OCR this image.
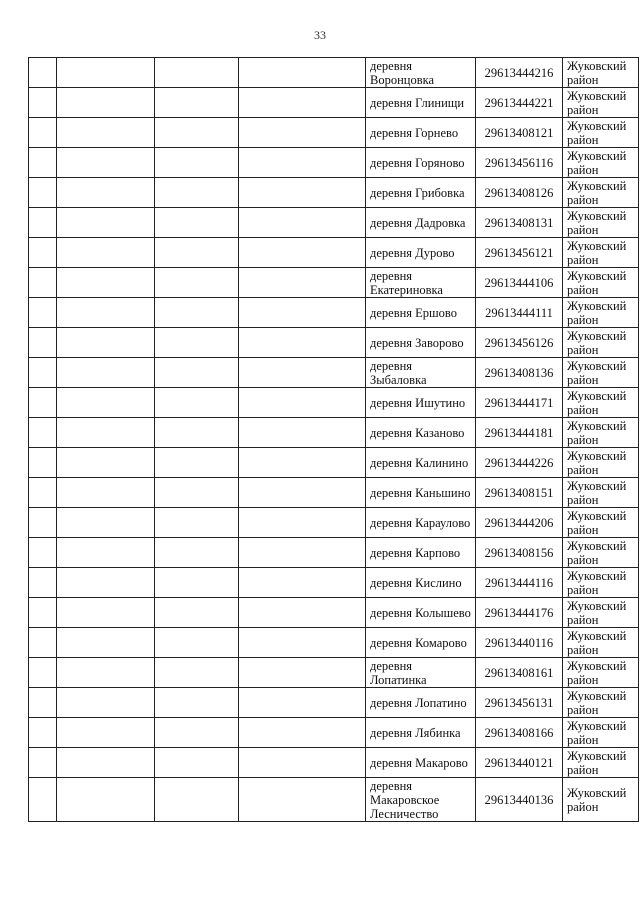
33
				деревня Воронцовка	29613444216	Жуковский район
				деревня Глинищи	29613444221	Жуковский район
				деревня Горнево	29613408121	Жуковский район
				деревня Горяново	29613456116	Жуковский район
				деревня Грибовка	29613408126	Жуковский район
				деревня Дадровка	29613408131	Жуковский район
				деревня Дурово	29613456121	Жуковский район
				деревня Екатериновка	29613444106	Жуковский район
				деревня Ершово	29613444111	Жуковский район
				деревня Заворово	29613456126	Жуковский район
				деревня Зыбаловка	29613408136	Жуковский район
				деревня Ишутино	29613444171	Жуковский район
				деревня Казаново	29613444181	Жуковский район
				деревня Калинино	29613444226	Жуковский район
				деревня Каньшино	29613408151	Жуковский район
				деревня Караулово	29613444206	Жуковский район
				деревня Карпово	29613408156	Жуковский район
				деревня Кислино	29613444116	Жуковский район
				деревня Колышево	29613444176	Жуковский район
				деревня Комарово	29613440116	Жуковский район
				деревня Лопатинка	29613408161	Жуковский район
				деревня Лопатино	29613456131	Жуковский район
				деревня Лябинка	29613408166	Жуковский район
				деревня Макарово	29613440121	Жуковский район
				деревня Макаровское Лесничество	29613440136	Жуковский район
